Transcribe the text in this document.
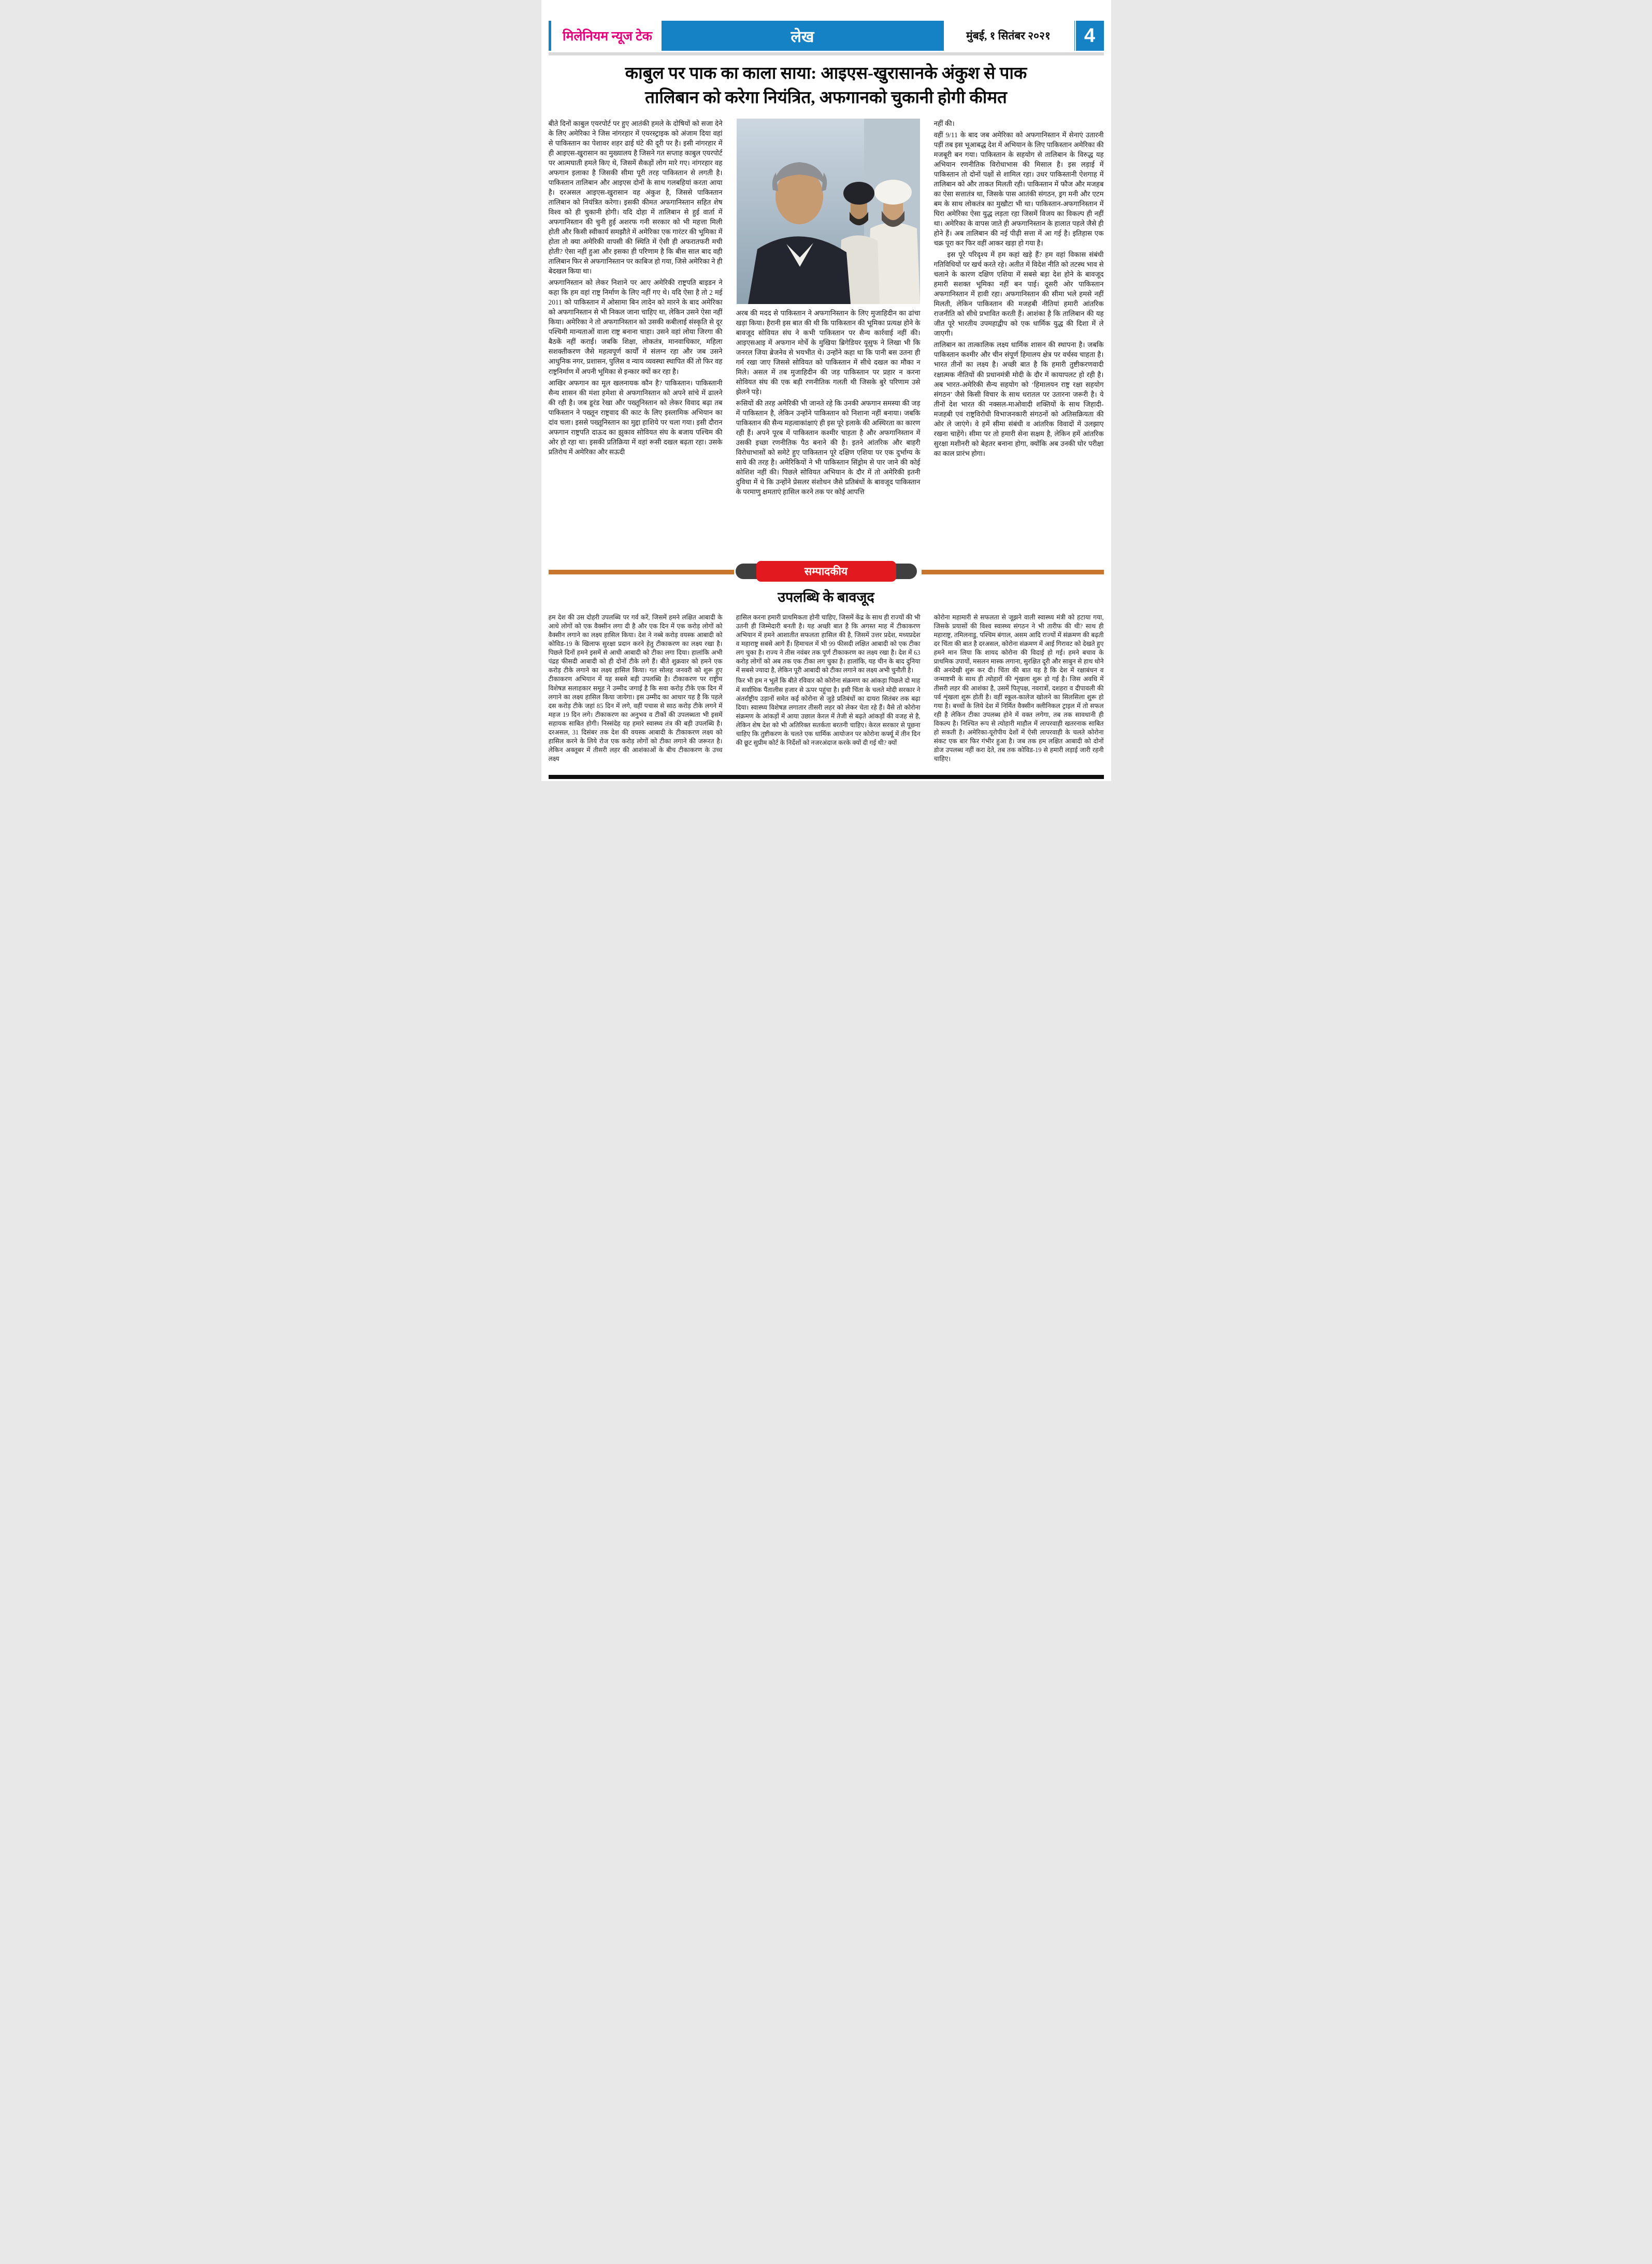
मिलेनियम न्यूज टेक	लेख	मुंबई, १ सितंबर २०२१ 4
काबुल पर पाक का काला साया: आइएस-खुरासानके अंकुश से पाक
तालिबान को करेगा नियंत्रित, अफगानको चुकानी होगी कीमत

बीते दिनों काबुल एयरपोर्ट पर हुए आतंकी हमले के दोषियों को सजा देने के लिए अमेरिका ने जिस नांगरहार में एयरस्ट्राइक को अंजाम दिया वहां से पाकिस्तान का पेशावर शहर ढाई घंटे की दूरी पर है। इसी नांगरहार में ही आइएस-खुरासान का मुख्यालय है जिसने गत सप्ताह काबुल एयरपोर्ट पर आत्मघाती हमले किए थे, जिसमें सैकड़ों लोग मारे गए। नांगरहार वह अफगान इलाका है जिसकी सीमा पूरी तरह पाकिस्तान से लगती है। पाकिस्तान तालिबान और आइएस दोनों के साथ गलबहियां करता आया है। दरअसल आइएस-खुरासान वह अंकुश है, जिससे पाकिस्तान तालिबान को नियंत्रित करेगा। इसकी कीमत अफगानिस्तान सहित शेष विश्व को ही चुकानी होगी। यदि दोहा में तालिबान से हुई वार्ता में अफगानिस्तान की चुनी हुई अशरफ गनी सरकार को भी महत्ता मिली होती और किसी स्वीकार्य समझौते में अमेरिका एक गारंटर की भूमिका में होता तो क्या अमेरिकी वापसी की स्थिति में ऐसी ही अफरातफरी मची होती? ऐसा नहीं हुआ और इसका ही परिणाम है कि बीस साल बाद वही तालिबान फिर से अफगानिस्तान पर काबिज हो गया, जिसे अमेरिका ने ही बेदखल किया था।

अफगानिस्तान को लेकर निशाने पर आए अमेरिकी राष्ट्रपति बाइडन ने कहा कि हम वहां राष्ट्र निर्माण के लिए नहीं गए थे। यदि ऐसा है तो 2 मई 2011 को पाकिस्तान में ओसामा बिन लादेन को मारने के बाद अमेरिका को अफगानिस्तान से भी निकल जाना चाहिए था, लेकिन उसने ऐसा नहीं किया। अमेरिका ने तो अफगानिस्तान को उसकी कबीलाई संस्कृति से दूर पश्चिमी मान्यताओं वाला राष्ट्र बनाना चाहा। उसने वहां लोया जिरगा की बैठकें नहीं कराईं। जबकि शिक्षा, लोकतंत्र, मानवाधिकार, महिला सशक्तीकरण जैसे महत्वपूर्ण कार्यों में संलग्न रहा और जब उसने आधुनिक नगर, प्रशासन, पुलिस व न्याय व्यवस्था स्थापित कीं तो फिर वह राष्ट्रनिर्माण में अपनी भूमिका से इन्कार क्यों कर रहा है।

आखिर अफगान का मूल खलनायक कौन है? पाकिस्तान। पाकिस्तानी सैन्य शासन की मंशा हमेशा से अफगानिस्तान को अपने सांचे में ढालने की रही है। जब डूरंड रेखा और पख्तूनिस्तान को लेकर विवाद बढ़ा तब पाकिस्तान ने पख्तून राष्ट्रवाद की काट के लिए इस्लामिक अभियान का दांव चला। इससे पख्तूनिस्तान का मुद्दा हाशिये पर चला गया। इसी दौरान अफगान राष्ट्रपति दाऊद का झुकाव सोवियत संघ के बजाय पश्चिम की ओर हो रहा था। इसकी प्रतिक्रिया में वहां रूसी दखल बढ़ता रहा। उसके प्रतिरोध में अमेरिका और सऊदी

अरब की मदद से पाकिस्तान ने अफगानिस्तान के लिए मुजाहिदीन का ढांचा खड़ा किया। हैरानी इस बात की थी कि पाकिस्तान की भूमिका प्रत्यक्ष होने के बावजूद सोवियत संघ ने कभी पाकिस्तान पर सैन्य कार्रवाई नहीं की। आइएसआइ में अफगान मोर्चे के मुखिया ब्रिगेडियर यूसुफ ने लिखा भी कि जनरल जिया ब्रेजनेव से भयभीत थे। उन्होंने कहा था कि पानी बस उतना ही गर्म रखा जाए जिससे सोवियत को पाकिस्तान में सीधे दखल का मौका न मिले। असल में तब मुजाहिदीन की जड़ पाकिस्तान पर प्रहार न करना सोवियत संघ की एक बड़ी रणनीतिक गलती थी जिसके बुरे परिणाम उसे झेलने पड़े।

रूसियों की तरह अमेरिकी भी जानते रहे कि उनकी अफगान समस्या की जड़ में पाकिस्तान है, लेकिन उन्होंने पाकिस्तान को निशाना नहीं बनाया। जबकि पाकिस्तान की सैन्य महत्वाकांक्षाएं ही इस पूरे इलाके की अस्थिरता का कारण रही हैं। अपने पूरब में पाकिस्तान कश्मीर चाहता है और अफगानिस्तान में उसकी इच्छा रणनीतिक पैठ बनाने की है। इतने आंतरिक और बाहरी विरोधाभासों को समेटे हुए पाकिस्तान पूरे दक्षिण एशिया पर एक दुर्भाग्य के साये की तरह है। अमेरिकियों ने भी पाकिस्तान सिंड्रोम से पार जाने की कोई कोशिश नहीं की। पिछले सोवियत अभियान के दौर में तो अमेरिकी इतनी दुविधा में थे कि उन्होंने प्रेसलर संशोधन जैसे प्रतिबंधों के बावजूद पाकिस्तान के परमाणु क्षमताएं हासिल करने तक पर कोई आपत्ति

नहीं की।

वहीं 9/11 के बाद जब अमेरिका को अफगानिस्तान में सेनाएं उतारनी पड़ीं तब इस भूआबद्ध देश में अभियान के लिए पाकिस्तान अमेरिका की मजबूरी बन गया। पाकिस्तान के सहयोग से तालिबान के विरुद्ध यह अभियान रणनीतिक विरोधाभास की मिसाल है। इस लड़ाई में पाकिस्तान तो दोनों पक्षों से शामिल रहा। उधर पाकिस्तानी ऐशगाह में तालिबान को और ताकत मिलती रही। पाकिस्तान में फौज और मजहब का ऐसा सत्तातंत्र था, जिसके पास आतंकी संगठन, ड्रग मनी और एटम बम के साथ लोकतंत्र का मुखौटा भी था। पाकिस्तान-अफगानिस्तान में घिरा अमेरिका ऐसा युद्ध लड़ता रहा जिसमें विजय का विकल्प ही नहीं था। अमेरिका के वापस जाते ही अफगानिस्तान के हालात पहले जैसे ही होने हैं। अब तालिबान की नई पीढ़ी सत्ता में आ गई है। इतिहास एक चक्र पूरा कर फिर वहीं आकर खड़ा हो गया है।

इस पूरे परिदृश्य में हम कहां खड़े हैं? हम वहां विकास संबंधी गतिविधियों पर खर्च करते रहे। अतीत में विदेश नीति को तटस्थ भाव से चलाने के कारण दक्षिण एशिया में सबसे बड़ा देश होने के बावजूद हमारी सशक्त भूमिका नहीं बन पाई। दूसरी ओर पाकिस्तान अफगानिस्तान में हावी रहा। अफगानिस्तान की सीमा भले हमसे नहीं मिलती, लेकिन पाकिस्तान की मजहबी नीतियां हमारी आंतरिक राजनीति को सीधे प्रभावित करती हैं। आशंका है कि तालिबान की यह जीत पूरे भारतीय उपमहाद्वीप को एक धार्मिक युद्ध की दिशा में ले जाएगी।

तालिबान का तात्कालिक लक्ष्य धार्मिक शासन की स्थापना है। जबकि पाकिस्तान कश्मीर और चीन संपूर्ण हिमालय क्षेत्र पर वर्चस्व चाहता है। भारत तीनों का लक्ष्य है। अच्छी बात है कि हमारी तुष्टीकरणवादी रक्षात्मक नीतियों की प्रधानमंत्री मोदी के दौर में कायापलट हो रही है। अब भारत-अमेरिकी सैन्य सहयोग को ‘हिमालयन राष्ट्र रक्षा सहयोग संगठन’ जैसे किसी विचार के साथ धरातल पर उतारना जरूरी है। ये तीनों देश भारत की नक्सल-माओवादी शक्तियों के साथ जिहादी-मजहबी एवं राष्ट्रविरोधी विभाजनकारी संगठनों को अतिसक्रियता की ओर ले जाएंगे। वे हमें सीमा संबंधी व आंतरिक विवादों में उलझाए रखना चाहेंगे। सीमा पर तो हमारी सेना सक्षम है, लेकिन हमें आंतरिक सुरक्षा मशीनरी को बेहतर बनाना होगा, क्योंकि अब उनकी घोर परीक्षा का काल प्रारंभ होगा।

सम्पादकीय
उपलब्धि के बावजूद

हम देश की उस दोहरी उपलब्धि पर गर्व करें, जिसमें हमने लक्षित आबादी के आधे लोगों को एक वैक्सीन लगा दी है और एक दिन में एक करोड़ लोगों को वैक्सीन लगाने का लक्ष्य हासिल किया। देश ने नब्बे करोड़ वयस्क आबादी को कोविड-19 के खिलाफ सुरक्षा प्रदान करने हेतु टीकाकरण का लक्ष्य रखा है। पिछले दिनों हमने इसमें से आधी आबादी को टीका लगा दिया। हालांकि अभी पंद्रह फीसदी आबादी को ही दोनों टीके लगे हैं। बीते शुक्रवार को हमने एक करोड़ टीके लगाने का लक्ष्य हासिल किया। गत सोलह जनवरी को शुरू हुए टीकाकरण अभियान में यह सबसे बड़ी उपलब्धि है। टीकाकरण पर राष्ट्रीय विशेषज्ञ सलाहकार समूह ने उम्मीद जगाई है कि सवा करोड़ टीके एक दिन में लगाने का लक्ष्य हासिल किया जायेगा। इस उम्मीद का आधार यह है कि पहले दस करोड़ टीके जहां 85 दिन में लगे, वहीं पचास से साठ करोड़ टीके लगने में महज 19 दिन लगे। टीकाकरण का अनुभव व टीकों की उपलब्धता भी इसमें सहायक साबित होगी। निस्संदेह यह हमारे स्वास्थ्य तंत्र की बड़ी उपलब्धि है। दरअसल, 31 दिसंबर तक देश की वयस्क आबादी के टीकाकरण लक्ष्य को हासिल करने के लिये रोज एक करोड़ लोगों को टीका लगाने की जरूरत है। लेकिन अक्तूबर में तीसरी लहर की आशंकाओं के बीच टीकाकरण के उच्च लक्ष्य

हासिल करना हमारी प्राथमिकता होनी चाहिए, जिसमें केंद्र के साथ ही राज्यों की भी उतनी ही जिम्मेदारी बनती है। यह अच्छी बात है कि अगस्त माह में टीकाकरण अभियान में हमने आशातीत सफलता हासिल की है, जिसमें उत्तर प्रदेश, मध्यप्रदेश व महाराष्ट्र सबसे आगे हैं। हिमाचल में भी 99 फीसदी लक्षित आबादी को एक टीका लग चुका है। राज्य ने तीस नवंबर तक पूर्ण टीकाकरण का लक्ष्य रखा है। देश में 63 करोड़ लोगों को अब तक एक टीका लग चुका है। हालांकि, यह चीन के बाद दुनिया में सबसे ज्यादा है, लेकिन पूरी आबादी को टीका लगाने का लक्ष्य अभी चुनौती है।

फिर भी हम न भूलें कि बीते रविवार को कोरोना संक्रमण का आंकड़ा पिछले दो माह में सर्वाधिक पैंतालीस हजार से ऊपर पहुंचा है। इसी चिंता के चलते मोदी सरकार ने अंतर्राष्ट्रीय उड़ानों समेत कई कोरोना से जुड़े प्रतिबंधों का दायरा सितंबर तक बढ़ा दिया। स्वास्थ्य विशेषज्ञ लगातार तीसरी लहर को लेकर चेता रहे हैं। वैसे तो कोरोना संक्रमण के आंकड़ों में आया उछाल केरल में तेजी से बढ़ते आंकड़ों की वजह से है, लेकिन शेष देश को भी अतिरिक्त सतर्कता बरतनी चाहिए। केरल सरकार से पूछना चाहिए कि तुष्टीकरण के चलते एक धार्मिक आयोजन पर कोरोना कर्फ्यू में तीन दिन की छूट सुप्रीम कोर्ट के निर्देशों को नजरअंदाज करके क्यों दी गई थी? क्यों

कोरोना महामारी से सफलता से जूझने वाली स्वास्थ्य मंत्री को हटाया गया, जिसके प्रयासों की विश्व स्वास्थ्य संगठन ने भी तारीफ की थी? साथ ही महाराष्ट्र, तमिलनाडु, पश्चिम बंगाल, असम आदि राज्यों में संक्रमण की बढ़ती दर चिंता की बात है दरअसल, कोरोना संक्रमण में आई गिरावट को देखते हुए हमने मान लिया कि शायद कोरोना की विदाई हो गई। हमने बचाव के प्राथमिक उपायों, मसलन मास्क लगाना, सुरक्षित दूरी और साबुन से हाथ धोने की अनदेखी शुरू कर दी। चिंता की बात यह है कि देश में रक्षाबंधन व जन्माष्टमी के साथ ही त्योहारों की शृंखला शुरू हो गई है। जिस अवधि में तीसरी लहर की आशंका है, उसमें पितृपक्ष, नवरात्रों, दशहरा व दीपावली की पर्व शृंखला शुरू होती है। वहीं स्कूल-कालेज खोलने का सिलसिला शुरू हो गया है। बच्चों के लिये देश में निर्मित वैक्सीन क्लीनिकल ट्राइल में तो सफल रही है लेकिन टीका उपलब्ध होने में वक्त लगेगा, तब तक सावधानी ही विकल्प है। निश्चित रूप से त्योहारी माहौल में लापरवाही खतरनाक साबित हो सकती है। अमेरिका-यूरोपीय देशों में ऐसी लापरवाही के चलते कोरोना संकट एक बार फिर गंभीर हुआ है। जब तक हम लक्षित आबादी को दोनों डोज उपलब्ध नहीं करा देते, तब तक कोविड-19 से हमारी लड़ाई जारी रहनी चाहिए।
